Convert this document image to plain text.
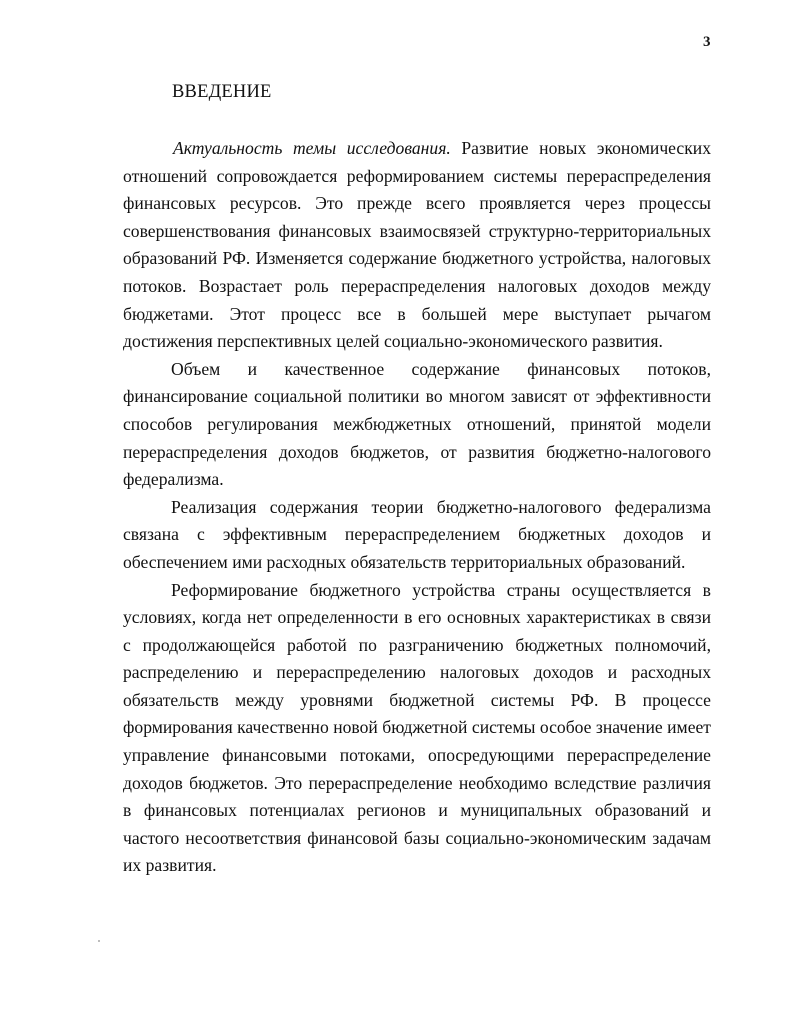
3
ВВЕДЕНИЕ

Актуальность темы исследования. Развитие новых экономических отношений сопровождается реформированием системы перераспределения финансовых ресурсов. Это прежде всего проявляется через процессы совершенствования финансовых взаимосвязей структурно-территориальных образований РФ. Изменяется содержание бюджетного устройства, налоговых потоков. Возрастает роль перераспределения налоговых доходов между бюджетами. Этот процесс все в большей мере выступает рычагом достижения перспективных целей социально-экономического развития.

Объем и качественное содержание финансовых потоков, финансирование социальной политики во многом зависят от эффективности способов регулирования межбюджетных отношений, принятой модели перераспределения доходов бюджетов, от развития бюджетно-налогового федерализма.

Реализация содержания теории бюджетно-налогового федерализма связана с эффективным перераспределением бюджетных доходов и обеспечением ими расходных обязательств территориальных образований.

Реформирование бюджетного устройства страны осуществляется в условиях, когда нет определенности в его основных характеристиках в связи с продолжающейся работой по разграничению бюджетных полномочий, распределению и перераспределению налоговых доходов и расходных обязательств между уровнями бюджетной системы РФ. В процессе формирования качественно новой бюджетной системы особое значение имеет управление финансовыми потоками, опосредующими перераспределение доходов бюджетов. Это перераспределение необходимо вследствие различия в финансовых потенциалах регионов и муниципальных образований и частого несоответствия финансовой базы социально-экономическим задачам их развития.
